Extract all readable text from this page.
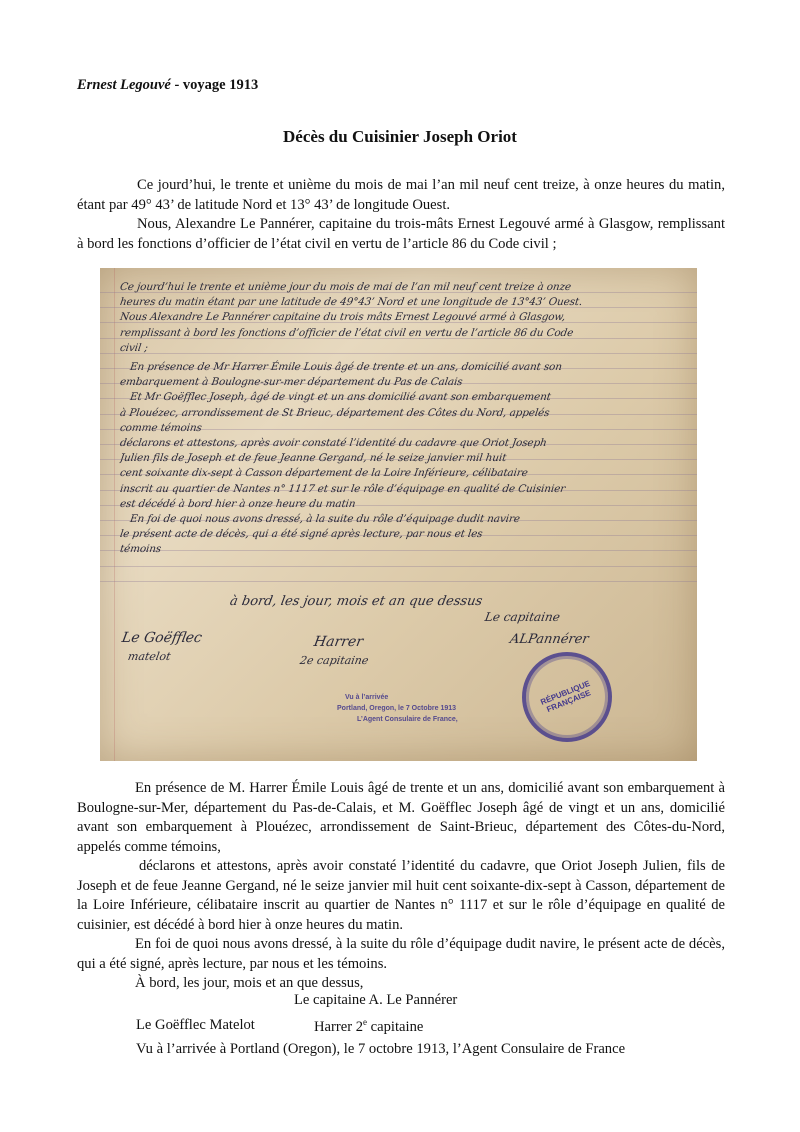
Ernest Legouvé - voyage 1913
Décès du Cuisinier Joseph Oriot

Ce jourd’hui, le trente et unième du mois de mai l’an mil neuf cent treize, à onze heures du matin, étant par 49° 43’ de latitude Nord et 13° 43’ de longitude Ouest.

Nous, Alexandre Le Pannérer, capitaine du trois-mâts Ernest Legouvé armé à Glasgow, remplissant à bord les fonctions d’officier de l’état civil en vertu de l’article 86 du Code civil ;

Ce jourd’hui le trente et unième jour du mois de mai de l’an mil neuf cent treize à onze
heures du matin étant par une latitude de 49°43’ Nord et une longitude de 13°43’ Ouest.
Nous Alexandre Le Pannérer capitaine du trois mâts Ernest Legouvé armé à Glasgow,
remplissant à bord les fonctions d’officier de l’état civil en vertu de l’article 86 du Code
civil ;
En présence de Mr Harrer Émile Louis âgé de trente et un ans, domicilié avant son
embarquement à Boulogne-sur-mer département du Pas de Calais
Et Mr Goëfflec Joseph, âgé de vingt et un ans domicilié avant son embarquement
à Plouézec, arrondissement de St Brieuc, département des Côtes du Nord, appelés
comme témoins
déclarons et attestons, après avoir constaté l’identité du cadavre que Oriot Joseph
Julien fils de Joseph et de feue Jeanne Gergand, né le seize janvier mil huit
cent soixante dix-sept à Casson département de la Loire Inférieure, célibataire
inscrit au quartier de Nantes n° 1117 et sur le rôle d’équipage en qualité de Cuisinier
est décédé à bord hier à onze heure du matin
En foi de quoi nous avons dressé, à la suite du rôle d’équipage dudit navire
le présent acte de décès, qui a été signé après lecture, par nous et les
témoins
à bord, les jour, mois et an que dessus
Le capitaine
ALPannérer
Le Goëfflec
matelot
Harrer
2e capitaine

En présence de M. Harrer Émile Louis âgé de trente et un ans, domicilié avant son embarquement à Boulogne-sur-Mer, département du Pas-de-Calais, et M. Goëfflec Joseph âgé de vingt et un ans, domicilié avant son embarquement à Plouézec, arrondissement de Saint-Brieuc, département des Côtes-du-Nord, appelés comme témoins,

déclarons et attestons, après avoir constaté l’identité du cadavre, que Oriot Joseph Julien, fils de Joseph et de feue Jeanne Gergand, né le seize janvier mil huit cent soixante-dix-sept à Casson, département de la Loire Inférieure, célibataire inscrit au quartier de Nantes n° 1117 et sur le rôle d’équipage en qualité de cuisinier, est décédé à bord hier à onze heures du matin.

En foi de quoi nous avons dressé, à la suite du rôle d’équipage dudit navire, le présent acte de décès, qui a été signé, après lecture, par nous et les témoins.

À bord, les jour, mois et an que dessus,

Le capitaine A. Le Pannérer
Le Goëfflec Matelot	Harrer 2e capitaine
Vu à l’arrivée à Portland (Oregon), le 7 octobre 1913, l’Agent Consulaire de France
RÉPUBLIQUE FRANÇAISE
Vu à l’arrivée
Portland, Oregon, le 7 Octobre 1913
L’Agent Consulaire de France,
